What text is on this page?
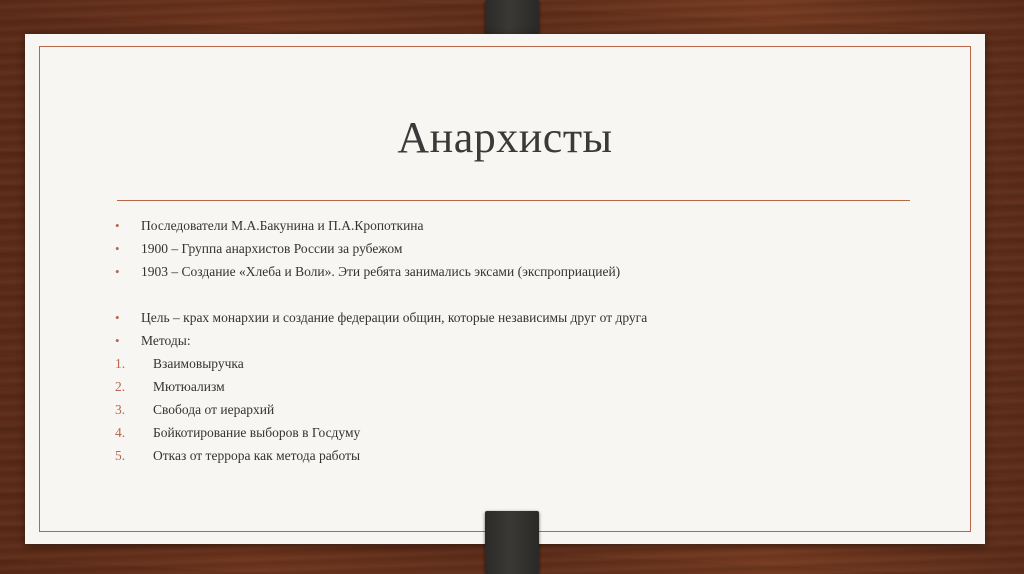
Анархисты
• Последователи М.А.Бакунина и П.А.Кропоткина
• 1900 – Группа анархистов России за рубежом
• 1903 – Создание «Хлеба и Воли». Эти ребята занимались эксами (экспроприацией)
• Цель – крах монархии и создание федерации общин, которые независимы друг от друга
• Методы:
1. Взаимовыручка
2. Мютюализм
3. Свобода от иерархий
4. Бойкотирование выборов в Госдуму
5. Отказ от террора как метода работы
